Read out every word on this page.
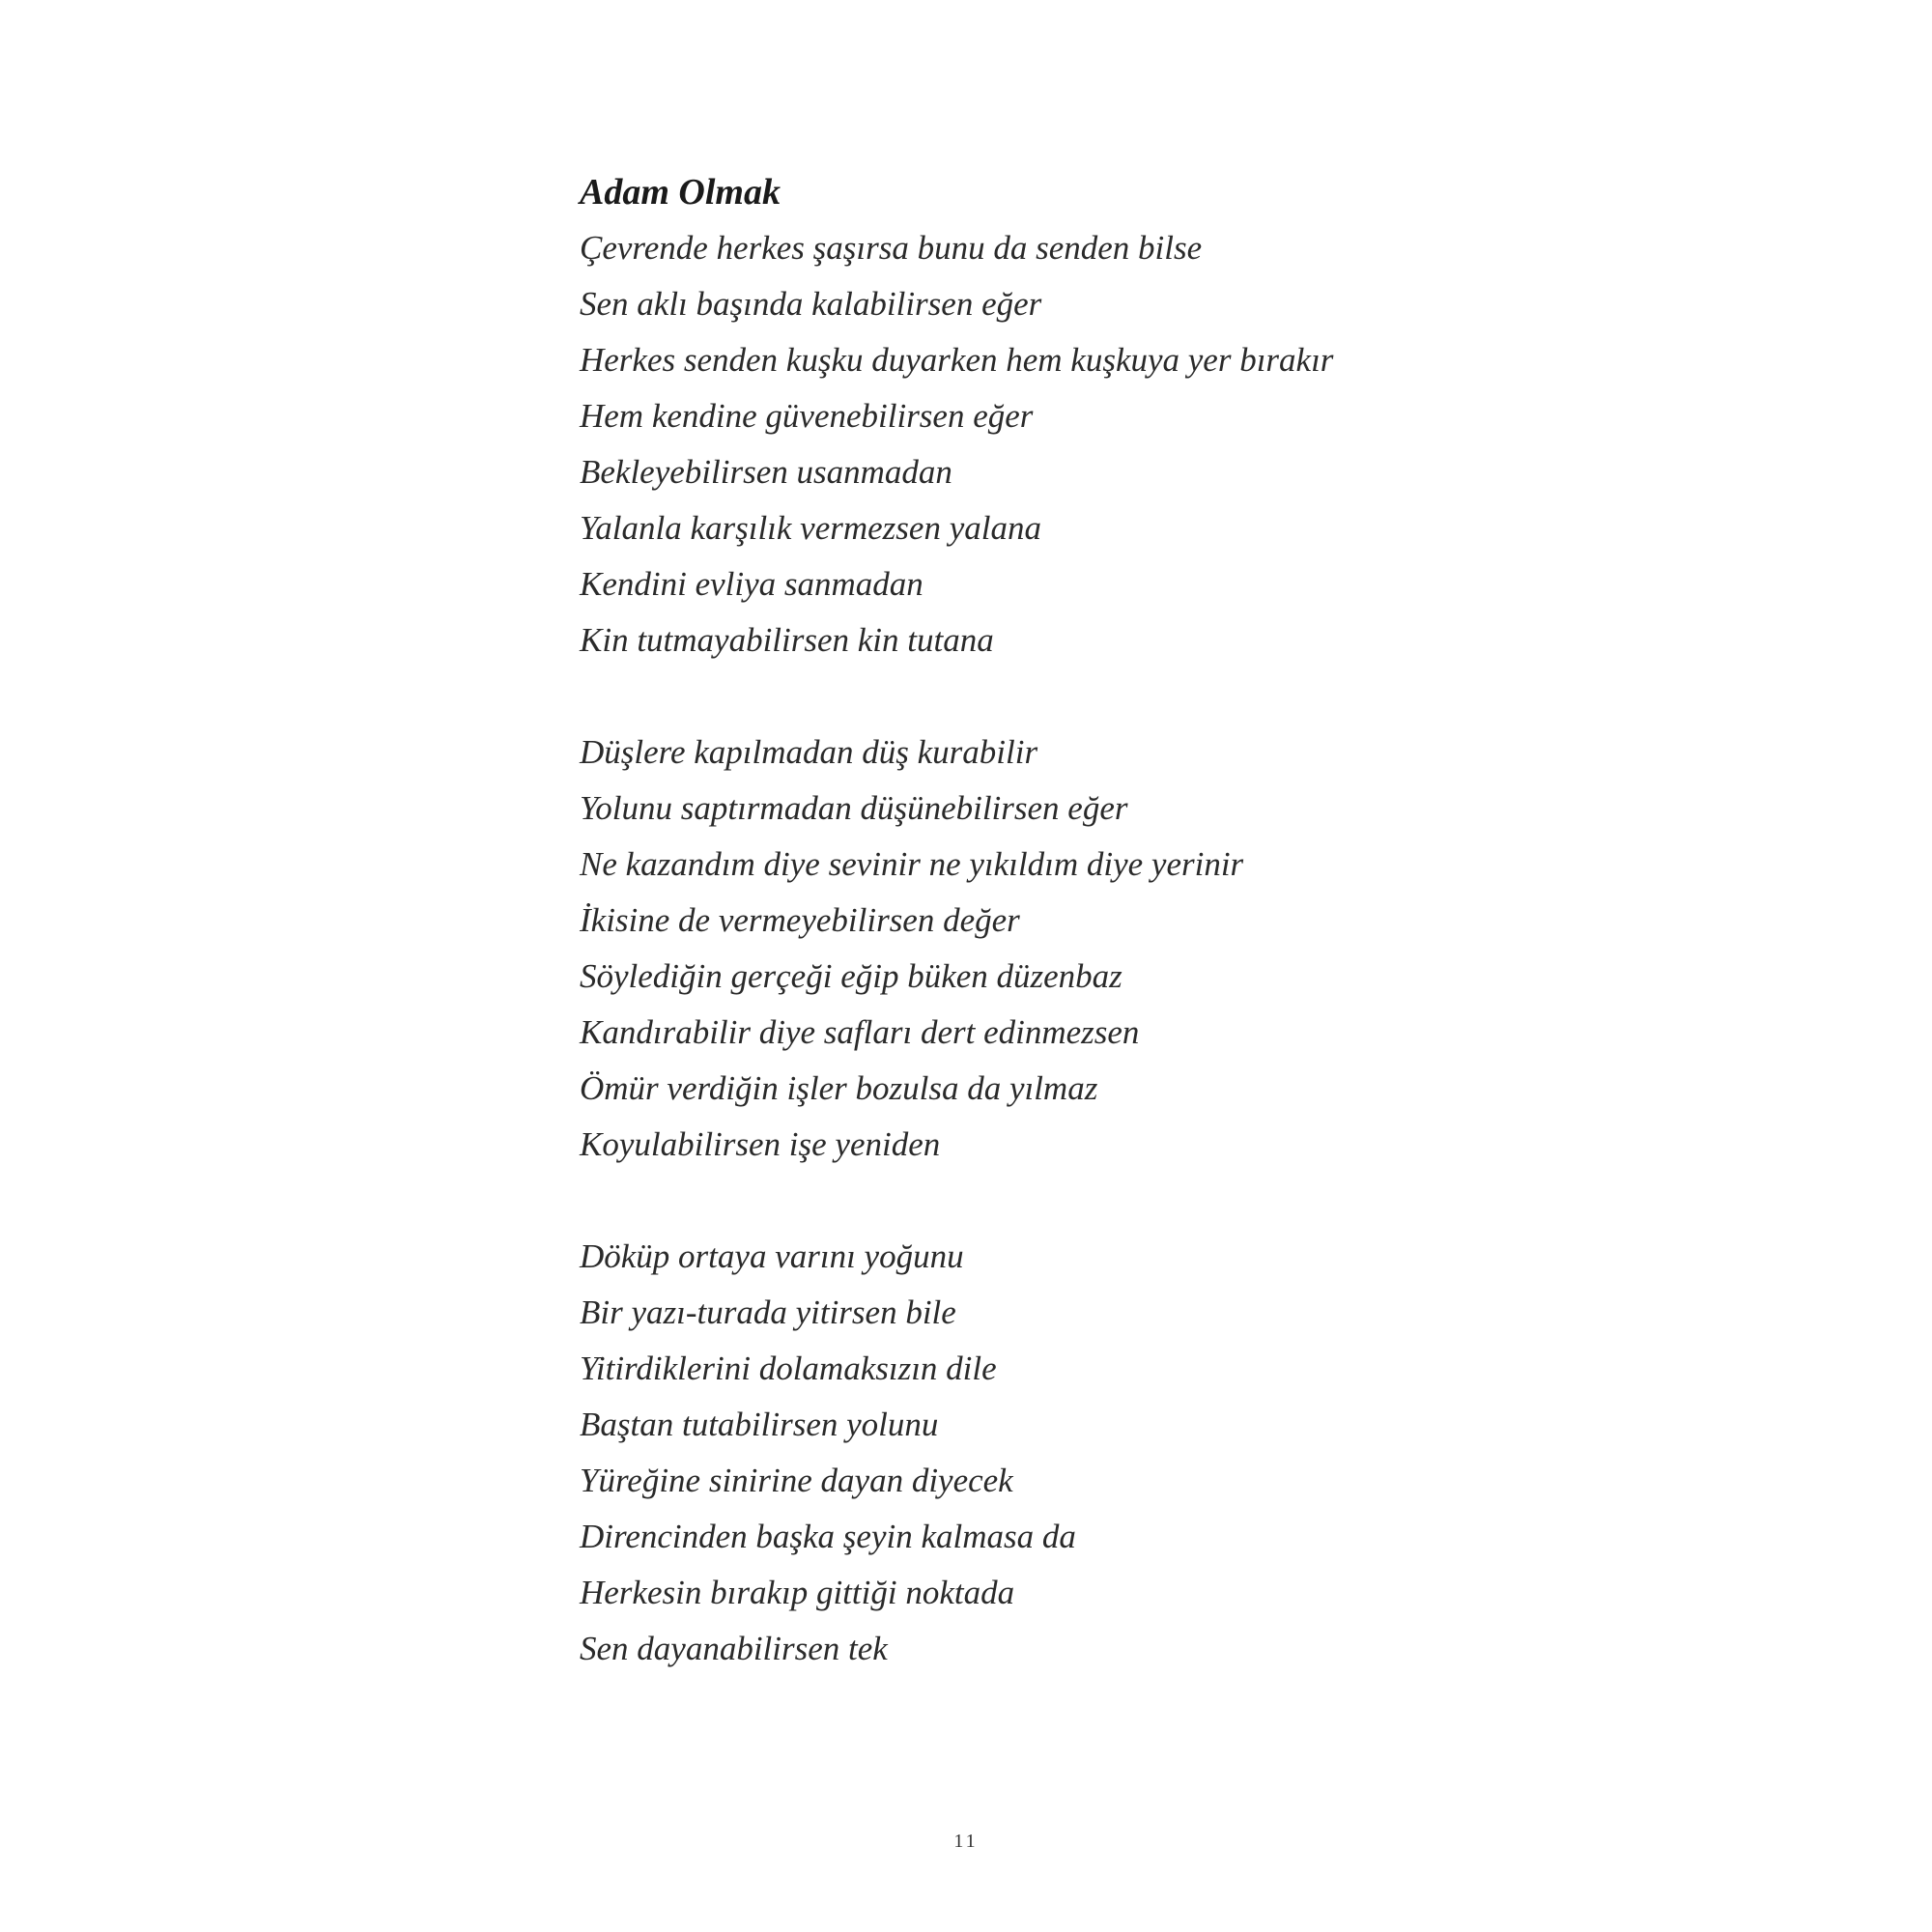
Adam Olmak
Çevrende herkes şaşırsa bunu da senden bilse
Sen aklı başında kalabilirsen eğer
Herkes senden kuşku duyarken hem kuşkuya yer bırakır
Hem kendine güvenebilirsen eğer
Bekleyebilirsen usanmadan
Yalanla karşılık vermezsen yalana
Kendini evliya sanmadan
Kin tutmayabilirsen kin tutana
Düşlere kapılmadan düş kurabilir
Yolunu saptırmadan düşünebilirsen eğer
Ne kazandım diye sevinir ne yıkıldım diye yerinir
İkisine de vermeyebilirsen değer
Söylediğin gerçeği eğip büken düzenbaz
Kandırabilir diye safları dert edinmezsen
Ömür verdiğin işler bozulsa da yılmaz
Koyulabilirsen işe yeniden
Döküp ortaya varını yoğunu
Bir yazı-turada yitirsen bile
Yitirdiklerini dolamaksızın dile
Baştan tutabilirsen yolunu
Yüreğine sinirine dayan diyecek
Direncinden başka şeyin kalmasa da
Herkesin bırakıp gittiği noktada
Sen dayanabilirsen tek
11
